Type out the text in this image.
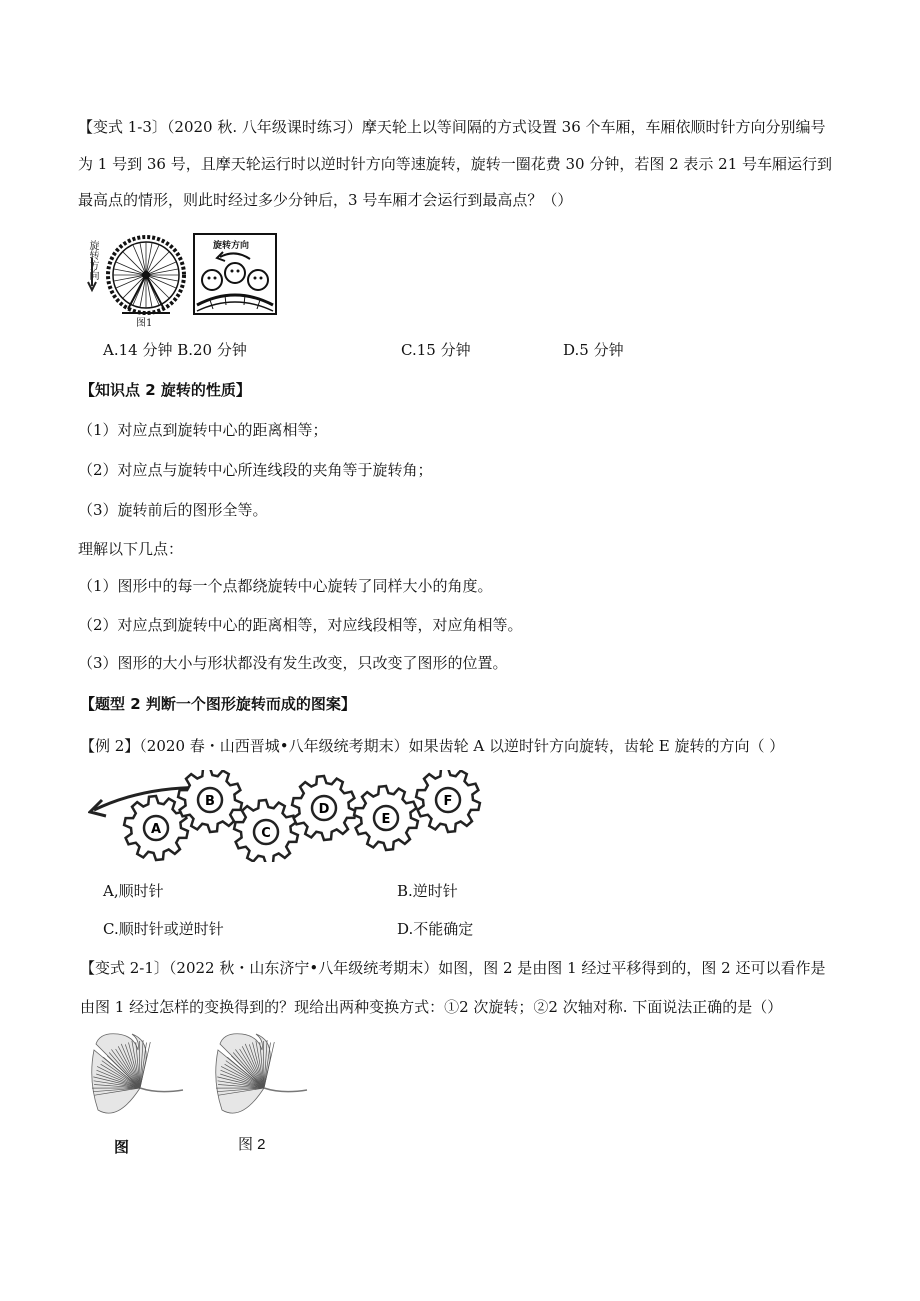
【变式 1-3〕（2020 秋. 八年级课时练习）摩天轮上以等间隔的方式设置 36 个车厢，车厢依顺时针方向分别编号
为 1 号到 36 号，且摩天轮运行时以逆时针方向等速旋转，旋转一圈花费 30 分钟，若图 2 表示 21 号车厢运行到
最高点的情形，则此时经过多少分钟后，3 号车厢才会运行到最高点？（）
旋转方向
图1
旋转方向
A.14 分钟 B.20 分钟	C.15 分钟	D.5 分钟
【知识点 2 旋转的性质】
（1）对应点到旋转中心的距离相等；
（2）对应点与旋转中心所连线段的夹角等于旋转角；
（3）旋转前后的图形全等。
理解以下几点：
（1）图形中的每一个点都绕旋转中心旋转了同样大小的角度。
（2）对应点到旋转中心的距离相等，对应线段相等，对应角相等。
（3）图形的大小与形状都没有发生改变，只改变了图形的位置。
【题型 2 判断一个图形旋转而成的图案】
【例 2】（2020 春・山西晋城•八年级统考期末）如果齿轮 A 以逆时针方向旋转，齿轮 E 旋转的方向（ ）
A
B
C
D
E
F
A,顺时针	B.逆时针
C.顺时针或逆时针	D.不能确定
【变式 2-1〕（2022 秋・山东济宁•八年级统考期末）如图，图 2 是由图 1 经过平移得到的，图 2 还可以看作是
由图 1 经过怎样的变换得到的？现给出两种变换方式：①2 次旋转；②2 次轴对称. 下面说法正确的是（）
图	图 2
